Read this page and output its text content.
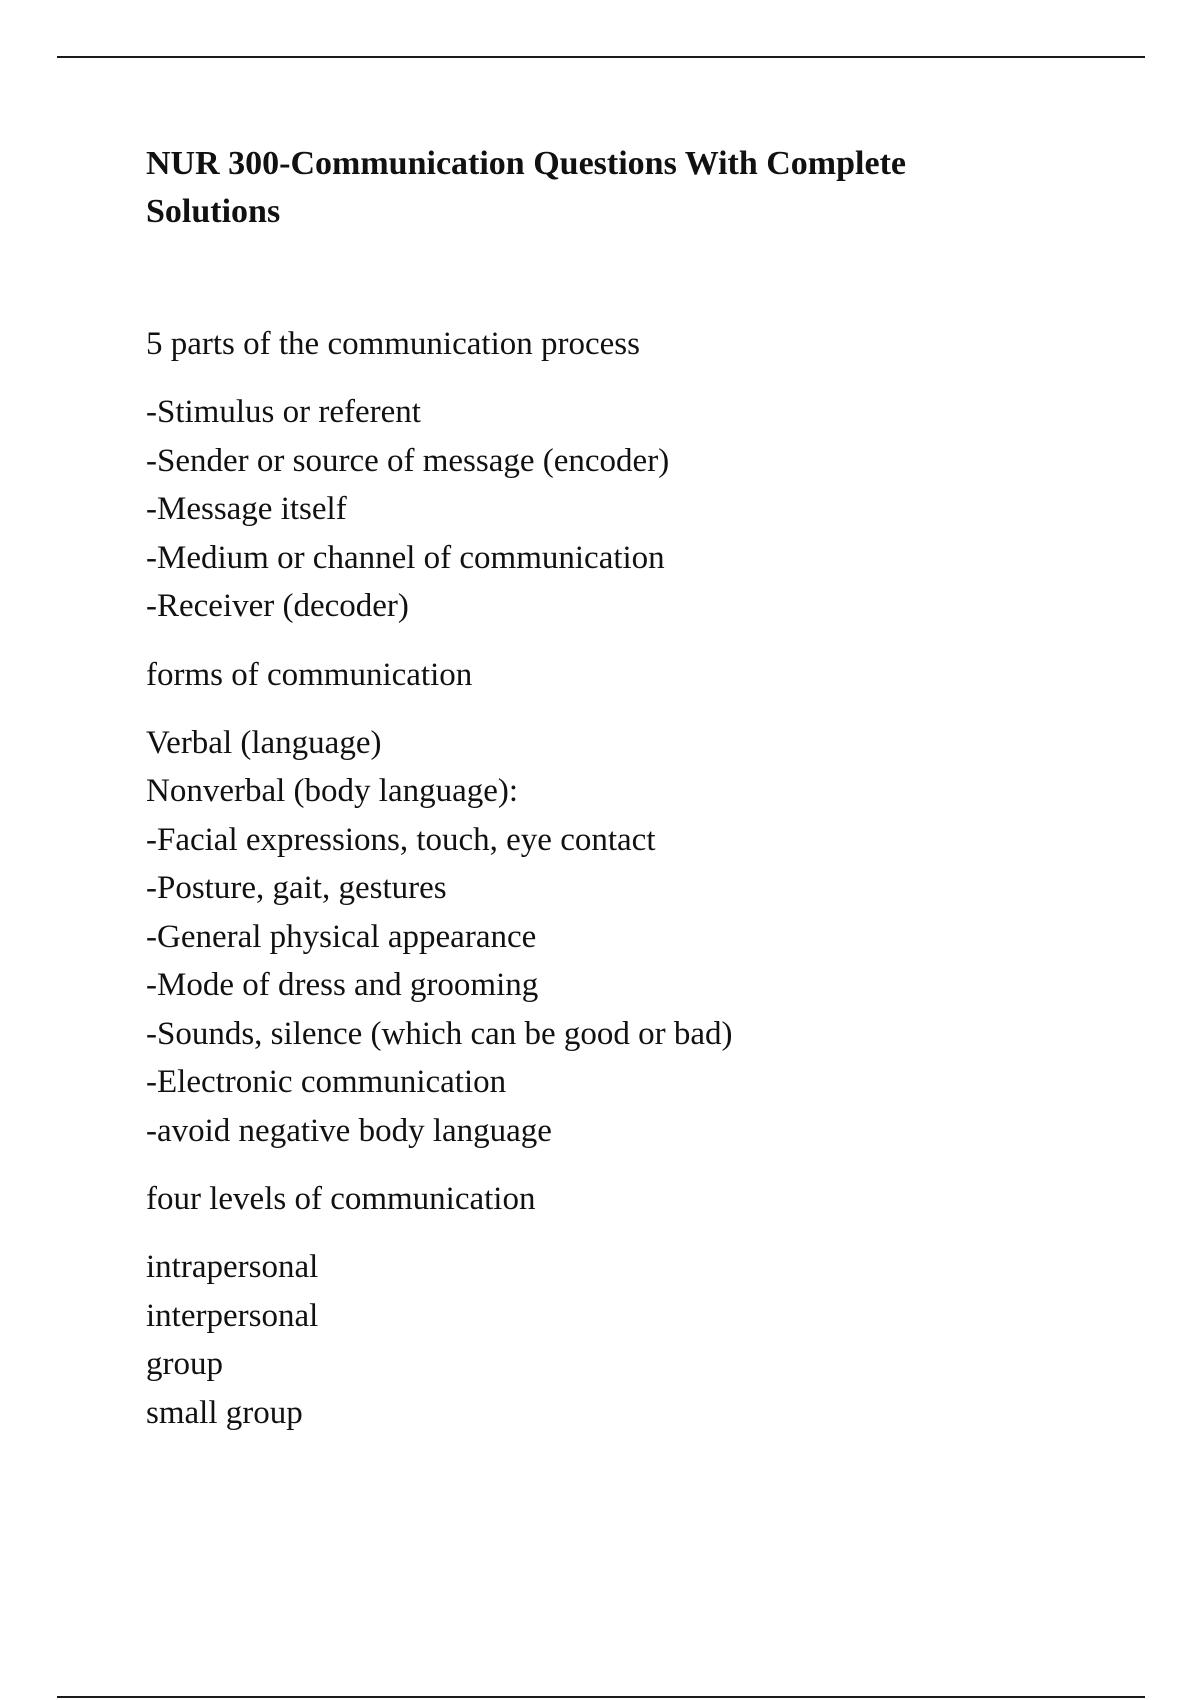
NUR 300-Communication Questions With Complete Solutions

5 parts of the communication process

-Stimulus or referent
-Sender or source of message (encoder)
-Message itself
-Medium or channel of communication
-Receiver (decoder)

forms of communication

Verbal (language)
Nonverbal (body language):
-Facial expressions, touch, eye contact
-Posture, gait, gestures
-General physical appearance
-Mode of dress and grooming
-Sounds, silence (which can be good or bad)
-Electronic communication
-avoid negative body language

four levels of communication

intrapersonal
interpersonal
group
small group
